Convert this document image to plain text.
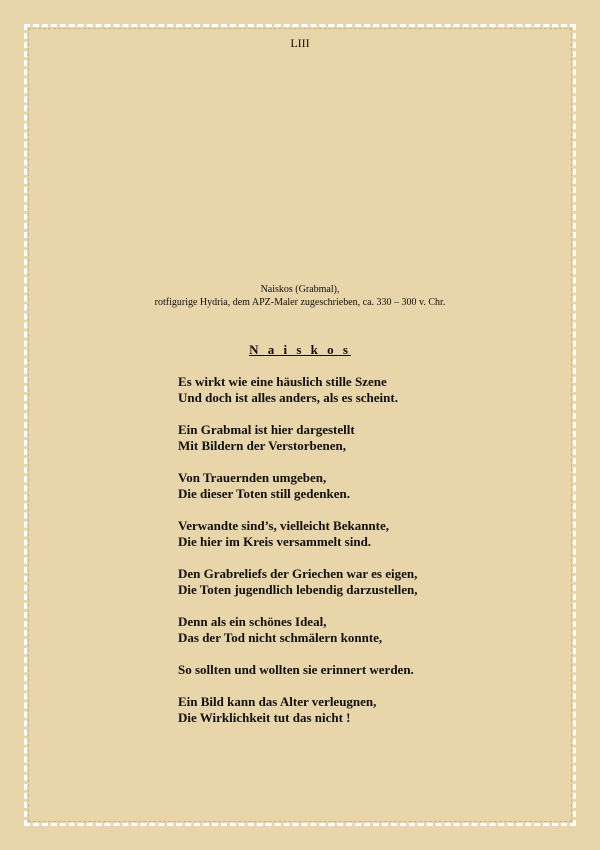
LIII
Naiskos (Grabmal),
rotfigurige Hydria, dem APZ-Maler zugeschrieben, ca. 330 – 300 v. Chr.
N a i s k o s
Es wirkt wie eine häuslich stille Szene
Und doch ist alles anders, als es scheint.
Ein Grabmal ist hier dargestellt
Mit Bildern der Verstorbenen,
Von Trauernden umgeben,
Die dieser Toten still gedenken.
Verwandte sind’s, vielleicht Bekannte,
Die hier im Kreis versammelt sind.
Den Grabreliefs der Griechen war es eigen,
Die Toten jugendlich lebendig darzustellen,
Denn als ein schönes Ideal,
Das der Tod nicht schmälern konnte,
So sollten und wollten sie erinnert werden.
Ein Bild kann das Alter verleugnen,
Die Wirklichkeit tut das nicht !
